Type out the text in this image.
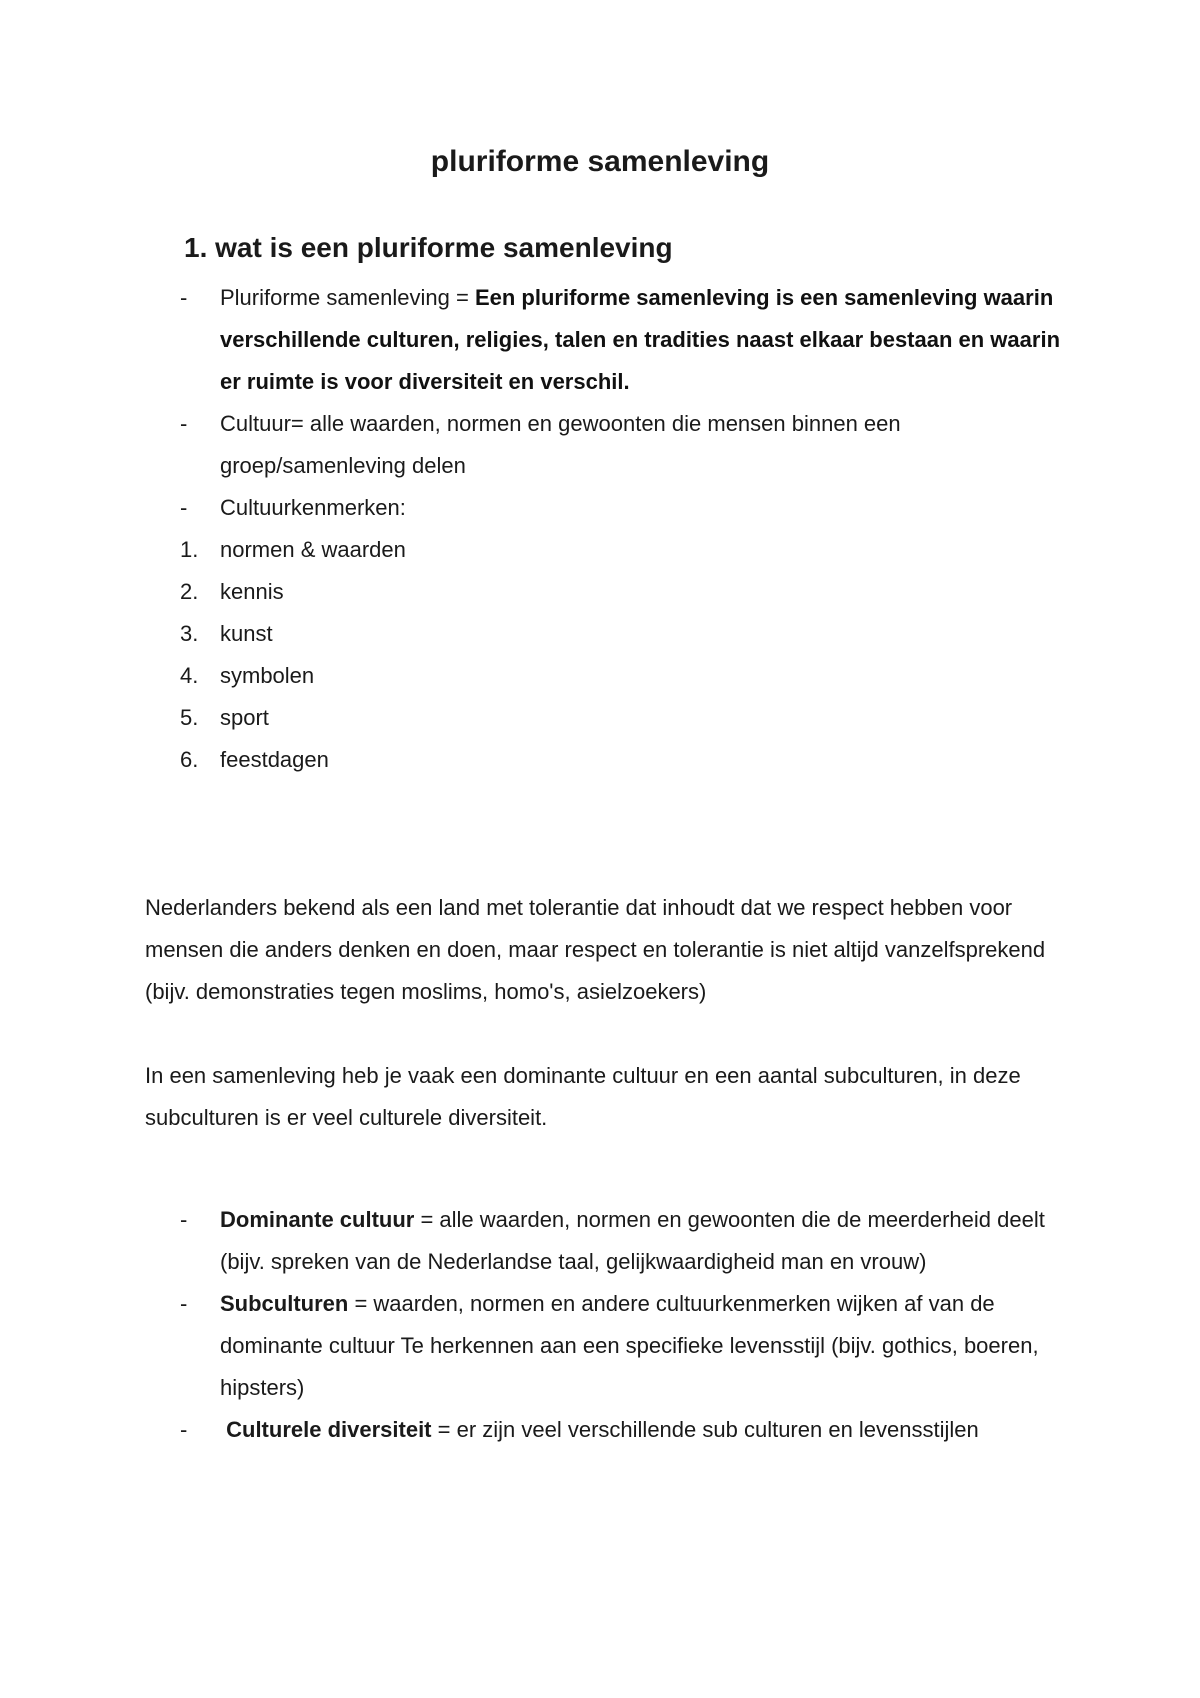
pluriforme samenleving
1. wat is een pluriforme samenleving
- Pluriforme samenleving = Een pluriforme samenleving is een samenleving waarin verschillende culturen, religies, talen en tradities naast elkaar bestaan en waarin er ruimte is voor diversiteit en verschil.
- Cultuur= alle waarden, normen en gewoonten die mensen binnen een groep/samenleving delen
- Cultuurkenmerken:
1. normen & waarden
2. kennis
3. kunst
4. symbolen
5. sport
6. feestdagen

Nederlanders bekend als een land met tolerantie dat inhoudt dat we respect hebben voor mensen die anders denken en doen, maar respect en tolerantie is niet altijd vanzelfsprekend (bijv. demonstraties tegen moslims, homo's, asielzoekers)

In een samenleving heb je vaak een dominante cultuur en een aantal subculturen, in deze subculturen is er veel culturele diversiteit.

- Dominante cultuur = alle waarden, normen en gewoonten die de meerderheid deelt (bijv. spreken van de Nederlandse taal, gelijkwaardigheid man en vrouw)
- Subculturen = waarden, normen en andere cultuurkenmerken wijken af van de dominante cultuur Te herkennen aan een specifieke levensstijl (bijv. gothics, boeren, hipsters)
- Culturele diversiteit = er zijn veel verschillende sub culturen en levensstijlen
